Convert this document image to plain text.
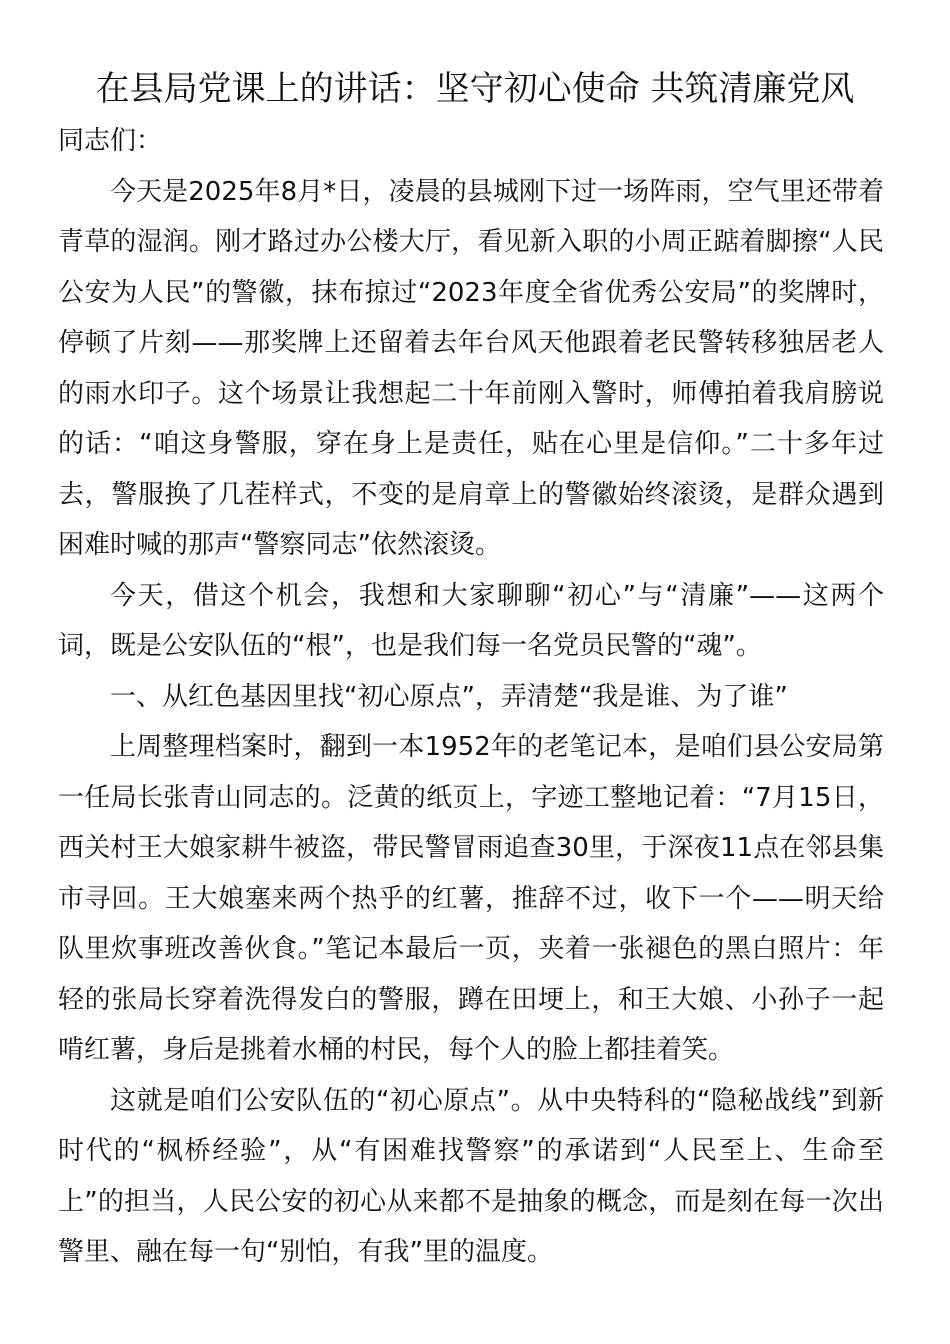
在县局党课上的讲话：坚守初心使命 共筑清廉党风

同志们：

今天是2025年8月*日，凌晨的县城刚下过一场阵雨，空气里还带着青草的湿润。刚才路过办公楼大厅，看见新入职的小周正踮着脚擦“人民公安为人民”的警徽，抹布掠过“2023年度全省优秀公安局”的奖牌时，停顿了片刻——那奖牌上还留着去年台风天他跟着老民警转移独居老人的雨水印子。这个场景让我想起二十年前刚入警时，师傅拍着我肩膀说的话：“咱这身警服，穿在身上是责任，贴在心里是信仰。”二十多年过去，警服换了几茬样式，不变的是肩章上的警徽始终滚烫，是群众遇到困难时喊的那声“警察同志”依然滚烫。

今天，借这个机会，我想和大家聊聊“初心”与“清廉”——这两个词，既是公安队伍的“根”，也是我们每一名党员民警的“魂”。

一、从红色基因里找“初心原点”，弄清楚“我是谁、为了谁”

上周整理档案时，翻到一本1952年的老笔记本，是咱们县公安局第一任局长张青山同志的。泛黄的纸页上，字迹工整地记着：“7月15日，西关村王大娘家耕牛被盗，带民警冒雨追查30里，于深夜11点在邻县集市寻回。王大娘塞来两个热乎的红薯，推辞不过，收下一个——明天给队里炊事班改善伙食。”笔记本最后一页，夹着一张褪色的黑白照片：年轻的张局长穿着洗得发白的警服，蹲在田埂上，和王大娘、小孙子一起啃红薯，身后是挑着水桶的村民，每个人的脸上都挂着笑。

这就是咱们公安队伍的“初心原点”。从中央特科的“隐秘战线”到新时代的“枫桥经验”，从“有困难找警察”的承诺到“人民至上、生命至上”的担当，人民公安的初心从来都不是抽象的概念，而是刻在每一次出警里、融在每一句“别怕，有我”里的温度。
